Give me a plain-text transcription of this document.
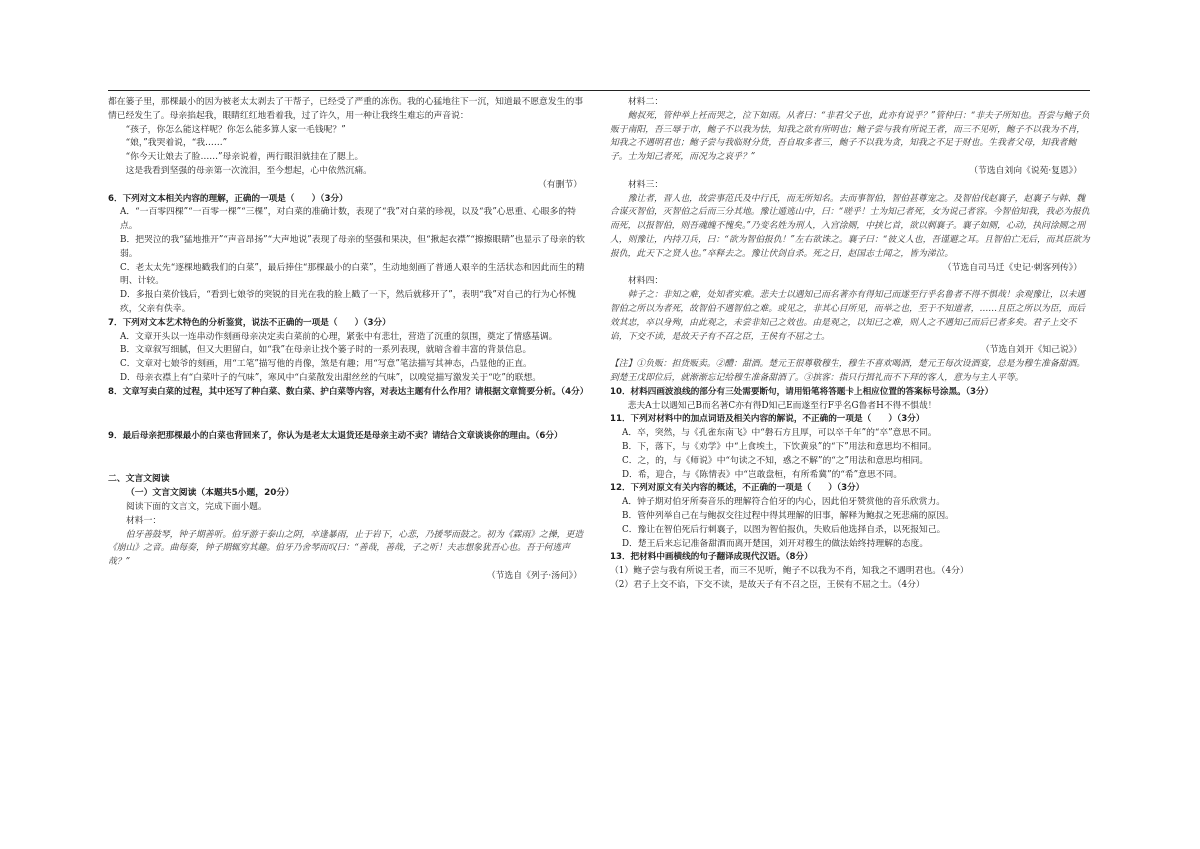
都在篓子里，那棵最小的因为被老太太剥去了干帮子，已经受了严重的冻伤。我的心猛地往下一沉，知道最不愿意发生的事情已经发生了。母亲掐起我，眼睛红红地看着我，过了许久，用一种让我终生难忘的声音说：

“孩子，你怎么能这样呢？你怎么能多算人家一毛钱呢？”

“娘，”我哭着说，“我……”

“你今天让娘去了脸……”母亲说着，两行眼泪就挂在了腮上。

这是我看到坚强的母亲第一次流泪，至今想起，心中依然沉痛。

（有删节）

6．下列对文本相关内容的理解，正确的一项是（　　）（3分）

A．“一百零四棵”“一百零一棵”“三棵”，对白菜的准确计数，表现了“我”对白菜的珍视，以及“我”心思重、心眼多的特点。

B．把哭泣的我“猛地推开”“声音昂扬”“大声地说”表现了母亲的坚强和果决，但“揪起衣襟”“擦擦眼睛”也显示了母亲的软弱。

C．老太太先“逐棵地戳我们的白菜”，最后捧住“那棵最小的白菜”，生动地刻画了普通人艰辛的生活状态和因此而生的精明、计较。

D．多报白菜价钱后，“看到七娘爷的突锐的目光在我的脸上戳了一下，然后就移开了”，表明“我”对自己的行为心怀愧疚，父亲有佚幸。

7．下列对文本艺术特色的分析鉴赏，说法不正确的一项是（　　）（3分）

A．文章开头以一连串动作刻画母亲决定卖白菜前的心理，紧张中有悲壮，营造了沉重的氛围，奠定了情感基调。

B．文章叙写细腻，但又大胆留白，如“我”在母亲让找个篓子时的一系列表现，就暗含着丰富的背景信息。

C．文章对七娘爷的刻画，用“工笔”描写他的肖像，煞是有趣；用“写意”笔法描写其神态，凸显他的正直。

D．母亲衣襟上有“白菜叶子的气味”，寒风中“白菜散发出甜丝丝的气味”，以嗅觉描写激发关于“吃”的联想。

8．文章写卖白菜的过程，其中还写了种白菜、数白菜、护白菜等内容，对表达主题有什么作用？请根据文章简要分析。（4分）

9．最后母亲把那棵最小的白菜也背回来了，你认为是老太太退货还是母亲主动不卖？请结合文章谈谈你的理由。（6分）

二、文言文阅读

（一）文言文阅读（本题共5小题，20分）

阅读下面的文言文，完成下面小题。

材料一：

伯牙善鼓琴，钟子期善听。伯牙游于泰山之阴，卒逢暴雨，止于岩下，心悲，乃援琴而鼓之。初为《霖雨》之操，更造《崩山》之音。曲每奏，钟子期辄穷其趣。伯牙乃舍琴而叹曰：“善哉，善哉，子之听！夫志想象犹吾心也。吾于何逃声哉？”

（节选自《列子·汤问》）

材料二：

鲍叔死，管仲举上衽而哭之，泣下如雨。从者曰：“非君父子也，此亦有说乎？”管仲曰：“非夫子所知也。吾尝与鲍子负贩于南阳，吾三辱于市，鲍子不以我为怯，知我之欲有所明也；鲍子尝与我有所说王者，而三不见听，鲍子不以我为不肖，知我之不遇明君也；鲍子尝与我临财分货，吾自取多者三，鲍子不以我为贪，知我之不足于财也。生我者父母，知我者鲍子。士为知己者死，而况为之哀乎？”

（节选自刘向《说苑·复恩》）

材料三：

豫让者，晋人也，故尝事范氏及中行氏，而无所知名。去而事智伯，智伯甚尊宠之。及智伯伐赵襄子，赵襄子与韩、魏合谋灭智伯，灭智伯之后而三分其地。豫让遁逃山中，曰：“嗟乎！士为知己者死，女为说己者容。今智伯知我，我必为报仇而死，以报智伯，则吾魂魄不愧矣。”乃变名姓为刑人，入宫涂厕，中挟匕首，欲以刺襄子。襄子如厕，心动，执问涂厕之刑人，则豫让，内持刀兵，曰：“欲为智伯报仇！”左右欲诛之。襄子曰：“彼义人也，吾谨避之耳。且智伯亡无后，而其臣欲为报仇，此天下之贤人也。”卒释去之。豫让伏剑自杀。死之日，赵国志士闻之，皆为涕泣。

（节选自司马迁《史记·刺客列传》）

材料四：

韩子之：非知之难，处知者实难。悲夫士以遇知己而名著亦有得知己而遂至行乎名鲁者不得不惧哉！余观豫让，以未遇智伯之所以为者死，故智伯不遇智伯之难。或见之，非其心目所见，而举之也，至于不知道者，……且臣之所以为臣，而后效其忠，卒以身殉，由此观之，未尝非知己之效也。由是观之，以知已之难，则人之不遇知己而后已者多矣。君子上交不谄，下交不读，是故天子有不召之臣，王侯有不屈之士。

（节选自刘开《知己说》）

【注】①负贩：担货贩卖。②醴：甜酒。楚元王很尊敬穆生，穆生不喜欢喝酒，楚元王每次设酒宴，总是为穆生准备甜酒。到楚王戊即位后，就渐渐忘记给穆生准备甜酒了。③摈客：指只行揖礼而不下拜的客人，意为与主人平等。

10．材料四画波浪线的部分有三处需要断句，请用铅笔将答题卡上相应位置的答案标号涂黑。（3分）

悲夫A士以遇知己B而名著C亦有得D知己E而遂至行F乎名G鲁者H不得不惧哉！

11．下列对材料中的加点词语及相关内容的解说，不正确的一项是（　　）（3分）

A．卒，突然，与《孔雀东南飞》中“磐石方且厚，可以卒千年”的“卒”意思不同。

B．下，落下，与《劝学》中“上食埃土，下饮黄泉”的“下”用法和意思均不相同。

C．之，的，与《师说》中“句读之不知，惑之不解”的“之”用法和意思均相同。

D．希，迎合，与《陈情表》中“岂敢盘桓，有所希冀”的“希”意思不同。

12．下列对原文有关内容的概述，不正确的一项是（　　）（3分）

A．钟子期对伯牙所奏音乐的理解符合伯牙的内心，因此伯牙赞赏他的音乐欣赏力。

B．管仲列举自己在与鲍叔交往过程中得其理解的旧事，解释为鲍叔之死悲痛的原因。

C．豫让在智伯死后行刺襄子，以图为智伯报仇，失败后他选择自杀，以死报知己。

D．楚王后来忘记准备甜酒而离开楚国，刘开对穆生的做法始终持理解的态度。

13．把材料中画横线的句子翻译成现代汉语。（8分）

（1）鲍子尝与我有所说王者，而三不见听，鲍子不以我为不肖，知我之不遇明君也。（4分）

（2）君子上交不谄，下交不读，是故天子有不召之臣，王侯有不屈之士。（4分）
